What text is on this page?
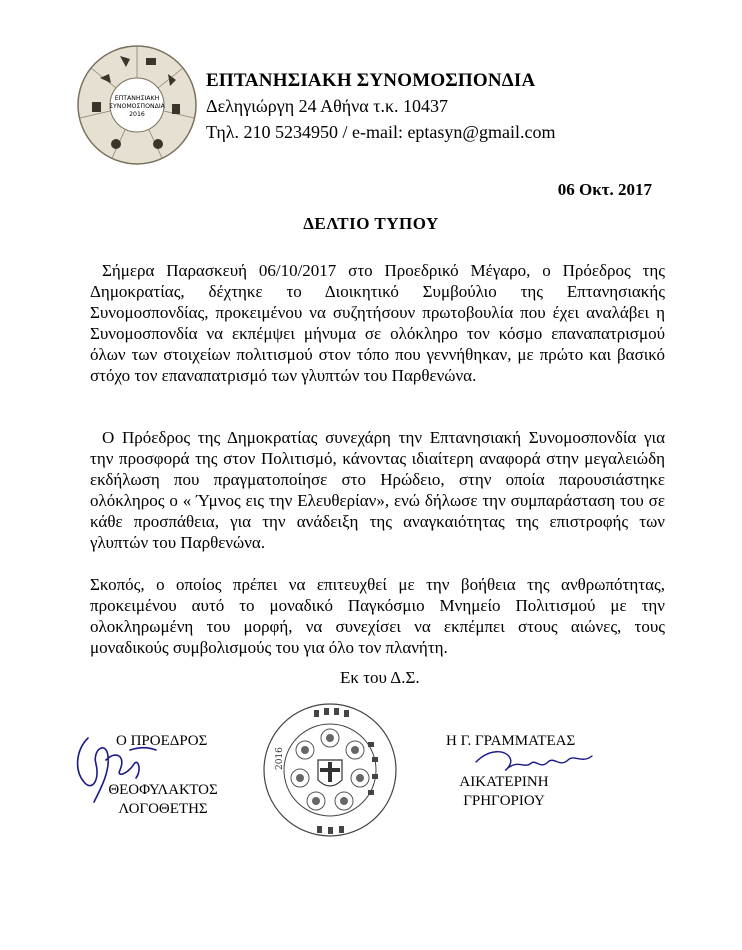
ΕΠΤΑΝΗΣΙΑΚΗ
ΣΥΝΟΜΟΣΠΟΝΔΙΑ
2016
ΕΠΤΑΝΗΣΙΑΚΗ ΣΥΝΟΜΟΣΠΟΝΔΙΑ
Δεληγιώργη 24 Αθήνα τ.κ. 10437
Τηλ. 210 5234950 / e-mail: eptasyn@gmail.com
06 Οκτ. 2017
ΔΕΛΤΙΟ ΤΥΠΟΥ
Σήμερα Παρασκευή 06/10/2017 στο Προεδρικό Μέγαρο, ο Πρόεδρος της Δημοκρατίας, δέχτηκε το Διοικητικό Συμβούλιο της Επτανησιακής Συνομοσπονδίας, προκειμένου να συζητήσουν πρωτοβουλία που έχει αναλάβει η Συνομοσπονδία να εκπέμψει μήνυμα σε ολόκληρο τον κόσμο επαναπατρισμού όλων των στοιχείων πολιτισμού στον τόπο που γεννήθηκαν, με πρώτο και βασικό στόχο τον επαναπατρισμό των γλυπτών του Παρθενώνα.
Ο Πρόεδρος της Δημοκρατίας συνεχάρη την Επτανησιακή Συνομοσπονδία για την προσφορά της στον Πολιτισμό, κάνοντας ιδιαίτερη αναφορά στην μεγαλειώδη εκδήλωση που πραγματοποίησε στο Ηρώδειο, στην οποία παρουσιάστηκε ολόκληρος ο « Ύμνος εις την Ελευθερίαν», ενώ δήλωσε την συμπαράσταση του σε κάθε προσπάθεια, για την ανάδειξη της αναγκαιότητας της επιστροφής των γλυπτών του Παρθενώνα.
Σκοπός, ο οποίος πρέπει να επιτευχθεί με την βοήθεια της ανθρωπότητας, προκειμένου αυτό το μοναδικό Παγκόσμιο Μνημείο Πολιτισμού με την ολοκληρωμένη του μορφή, να συνεχίσει να εκπέμπει στους αιώνες, τους μοναδικούς συμβολισμούς του για όλο τον πλανήτη.
Εκ του Δ.Σ.
Ο ΠΡΟΕΔΡΟΣ
ΘΕΟΦΥΛΑΚΤΟΣ
ΛΟΓΟΘΕΤΗΣ
2016
Η Γ. ΓΡΑΜΜΑΤΕΑΣ
ΑΙΚΑΤΕΡΙΝΗ
ΓΡΗΓΟΡΙΟΥ
